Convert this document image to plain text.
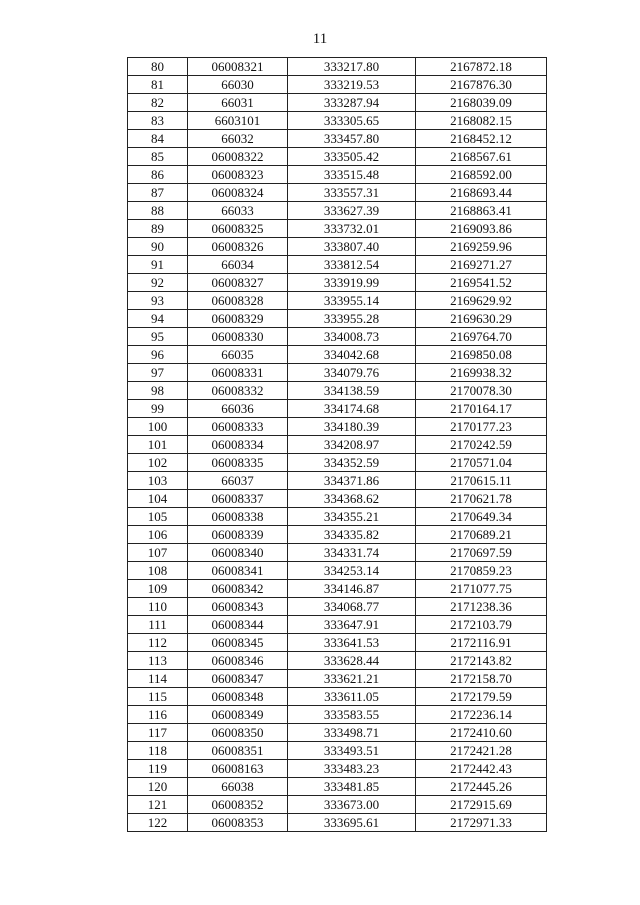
11
80	06008321	333217.80	2167872.18
81	66030	333219.53	2167876.30
82	66031	333287.94	2168039.09
83	6603101	333305.65	2168082.15
84	66032	333457.80	2168452.12
85	06008322	333505.42	2168567.61
86	06008323	333515.48	2168592.00
87	06008324	333557.31	2168693.44
88	66033	333627.39	2168863.41
89	06008325	333732.01	2169093.86
90	06008326	333807.40	2169259.96
91	66034	333812.54	2169271.27
92	06008327	333919.99	2169541.52
93	06008328	333955.14	2169629.92
94	06008329	333955.28	2169630.29
95	06008330	334008.73	2169764.70
96	66035	334042.68	2169850.08
97	06008331	334079.76	2169938.32
98	06008332	334138.59	2170078.30
99	66036	334174.68	2170164.17
100	06008333	334180.39	2170177.23
101	06008334	334208.97	2170242.59
102	06008335	334352.59	2170571.04
103	66037	334371.86	2170615.11
104	06008337	334368.62	2170621.78
105	06008338	334355.21	2170649.34
106	06008339	334335.82	2170689.21
107	06008340	334331.74	2170697.59
108	06008341	334253.14	2170859.23
109	06008342	334146.87	2171077.75
110	06008343	334068.77	2171238.36
111	06008344	333647.91	2172103.79
112	06008345	333641.53	2172116.91
113	06008346	333628.44	2172143.82
114	06008347	333621.21	2172158.70
115	06008348	333611.05	2172179.59
116	06008349	333583.55	2172236.14
117	06008350	333498.71	2172410.60
118	06008351	333493.51	2172421.28
119	06008163	333483.23	2172442.43
120	66038	333481.85	2172445.26
121	06008352	333673.00	2172915.69
122	06008353	333695.61	2172971.33
